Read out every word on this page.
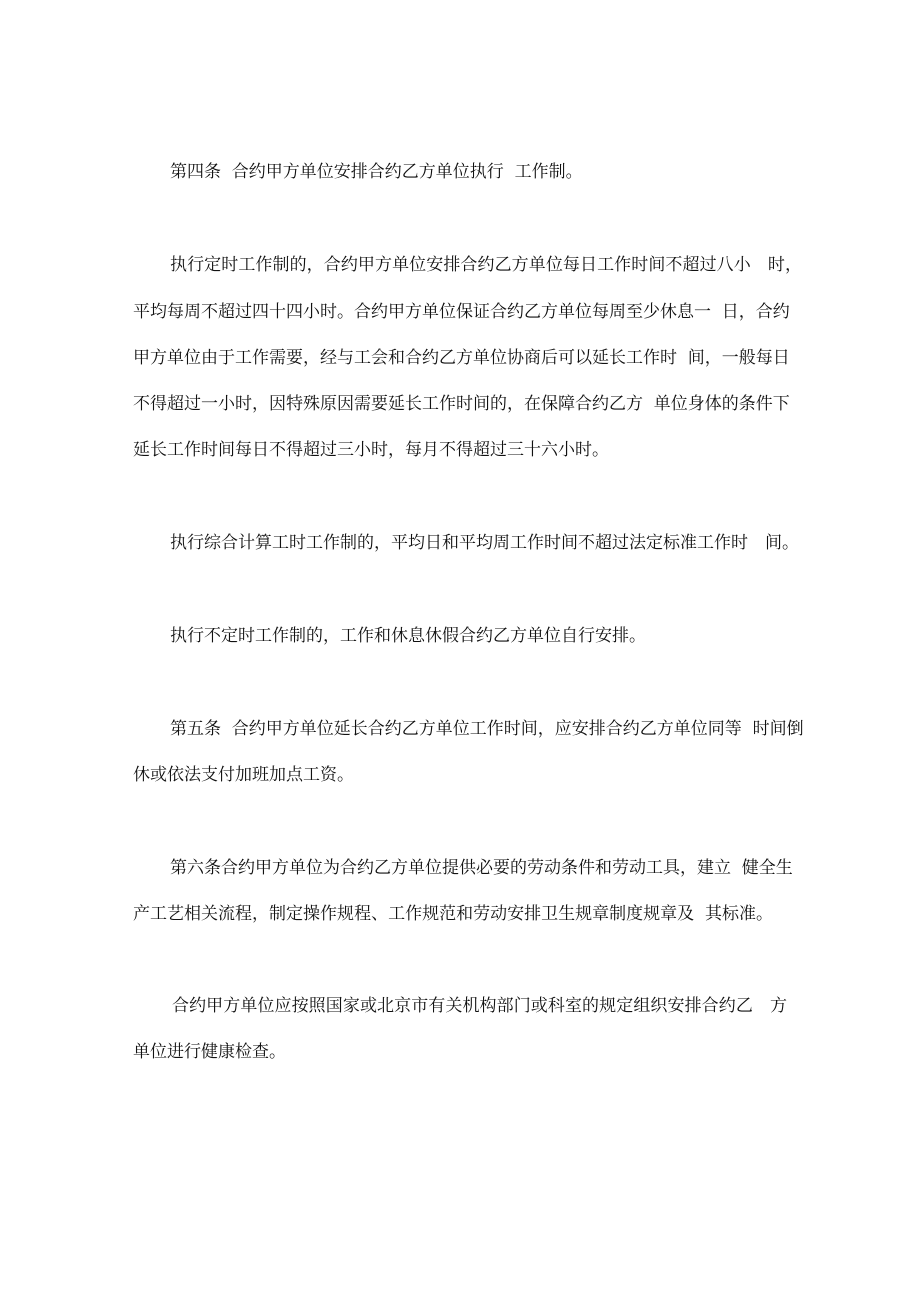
第四条  合约甲方单位安排合约乙方单位执行  工作制。
执行定时工作制的，合约甲方单位安排合约乙方单位每日工作时间不超过八小　时，
平均每周不超过四十四小时。合约甲方单位保证合约乙方单位每周至少休息一  日，合约
甲方单位由于工作需要，经与工会和合约乙方单位协商后可以延长工作时  间，一般每日
不得超过一小时，因特殊原因需要延长工作时间的，在保障合约乙方  单位身体的条件下
延长工作时间每日不得超过三小时，每月不得超过三十六小时。
执行综合计算工时工作制的，平均日和平均周工作时间不超过法定标准工作时　间。
执行不定时工作制的，工作和休息休假合约乙方单位自行安排。
第五条  合约甲方单位延长合约乙方单位工作时间，应安排合约乙方单位同等  时间倒
休或依法支付加班加点工资。
第六条合约甲方单位为合约乙方单位提供必要的劳动条件和劳动工具，建立  健全生
产工艺相关流程，制定操作规程、工作规范和劳动安排卫生规章制度规章及  其标准。
合约甲方单位应按照国家或北京市有关机构部门或科室的规定组织安排合约乙　方
单位进行健康检查。
